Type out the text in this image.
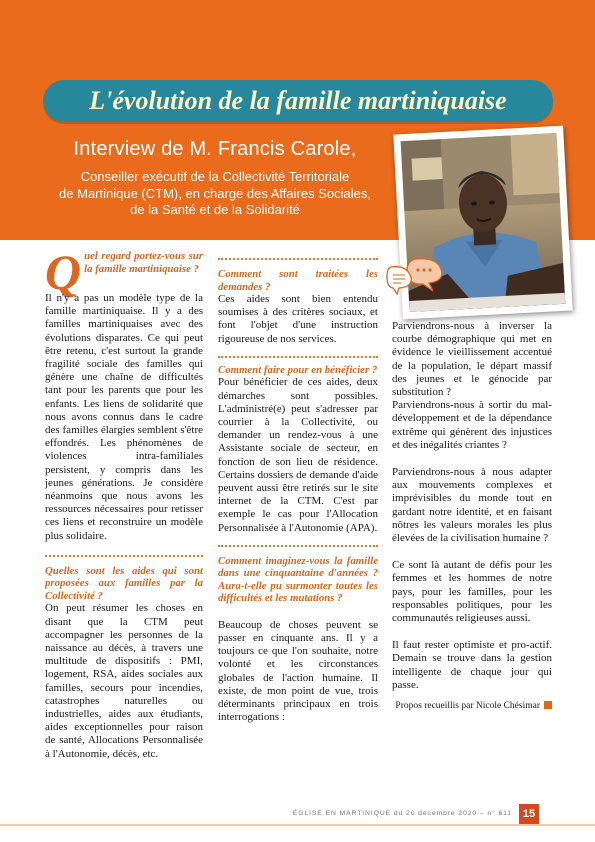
L'évolution de la famille martiniquaise
Interview de M. Francis Carole,
Conseiller exécutif de la Collectivité Territoriale
de Martinique (CTM), en charge des Affaires Sociales,
de la Santé et de la Solidarité

Q uel regard portez-vous sur la famille martiniquaise ?

Il n'y a pas un modèle type de la famille martiniquaise. Il y a des familles martiniquaises avec des évolutions disparates. Ce qui peut être retenu, c'est surtout la grande fragilité sociale des familles qui génère une chaîne de difficultés tant pour les parents que pour les enfants. Les liens de solidarité que nous avons connus dans le cadre des familles élargies semblent s'être effondrés. Les phénomènes de violences intra-familiales persistent, y compris dans les jeunes générations. Je considère néanmoins que nous avons les ressources nécessaires pour retisser ces liens et reconstruire un modèle plus solidaire.

Quelles sont les aides qui sont proposées aux familles par la Collectivité ?

On peut résumer les choses en disant que la CTM peut accompagner les personnes de la naissance au décès, à travers une multitude de dispositifs : PMI, logement, RSA, aides sociales aux familles, secours pour incendies, catastrophes naturelles ou industrielles, aides aux étudiants, aides exceptionnelles pour raison de santé, Allocations Personnalisée à l'Autonomie, décès, etc.

Comment sont traitées les demandes ?

Ces aides sont bien entendu soumises à des critères sociaux, et font l'objet d'une instruction rigoureuse de nos services.

Comment faire pour en bénéficier ?

Pour bénéficier de ces aides, deux démarches sont possibles. L'administré(e) peut s'adresser par courrier à la Collectivité, ou demander un rendez-vous à une Assistante sociale de secteur, en fonction de son lieu de résidence. Certains dossiers de demande d'aide peuvent aussi être retirés sur le site internet de la CTM. C'est par exemple le cas pour l'Allocation Personnalisée à l'Autonomie (APA).

Comment imaginez-vous la famille dans une cinquantaine d'années ? Aura-t-elle pu surmonter toutes les difficultés et les mutations ?

Beaucoup de choses peuvent se passer en cinquante ans. Il y a toujours ce que l'on souhaite, notre volonté et les circonstances globales de l'action humaine. Il existe, de mon point de vue, trois déterminants principaux en trois interrogations :

Parviendrons-nous à inverser la courbe démographique qui met en évidence le vieillissement accentué de la population, le départ massif des jeunes et le génocide par substitution ?

Parviendrons-nous à sortir du mal-développement et de la dépendance extrême qui génèrent des injustices et des inégalités criantes ?

Parviendrons-nous à nous adapter aux mouvements complexes et imprévisibles du monde tout en gardant notre identité, et en faisant nôtres les valeurs morales les plus élevées de la civilisation humaine ?

Ce sont là autant de défis pour les femmes et les hommes de notre pays, pour les familles, pour les responsables politiques, pour les communautés religieuses aussi.

Il faut rester optimiste et pro-actif. Demain se trouve dans la gestion intelligente de chaque jour qui passe.

Propos recueillis par Nicole Chésimar

ÉGLISE EN MARTINIQUE du 20 décembre 2020 – n° 611 15
